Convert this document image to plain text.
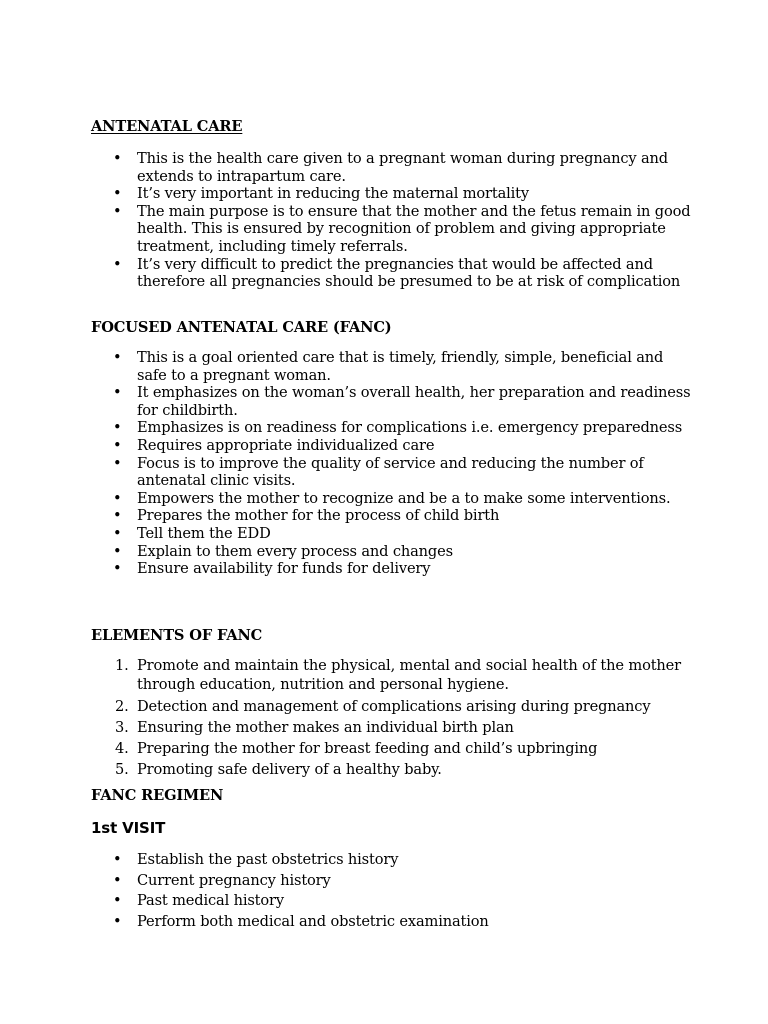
ANTENATAL CARE
• This is the health care given to a pregnant woman during pregnancy and extends to intrapartum care.
• It’s very important in reducing the maternal mortality
• The main purpose is to ensure that the mother and the fetus remain in good health. This is ensured by recognition of problem and giving appropriate treatment, including timely referrals.
• It’s very difficult to predict the pregnancies that would be affected and therefore all pregnancies should be presumed to be at risk of complication
FOCUSED ANTENATAL CARE (FANC)
• This is a goal oriented care that is timely, friendly, simple, beneficial and safe to a pregnant woman.
• It emphasizes on the woman’s overall health, her preparation and readiness for childbirth.
• Emphasizes is on readiness for complications i.e. emergency preparedness
• Requires appropriate individualized care
• Focus is to improve the quality of service and reducing the number of antenatal clinic visits.
• Empowers the mother to recognize and be a to make some interventions.
• Prepares the mother for the process of child birth
• Tell them the EDD
• Explain to them every process and changes
• Ensure availability for funds for delivery
ELEMENTS OF FANC
1. Promote and maintain the physical, mental and social health of the mother through education, nutrition and personal hygiene.
2. Detection and management of complications arising during pregnancy
3. Ensuring the mother makes an individual birth plan
4. Preparing the mother for breast feeding and child’s upbringing
5. Promoting safe delivery of a healthy baby.
FANC REGIMEN
1st VISIT
• Establish the past obstetrics history
• Current pregnancy history
• Past medical history
• Perform both medical and obstetric examination
